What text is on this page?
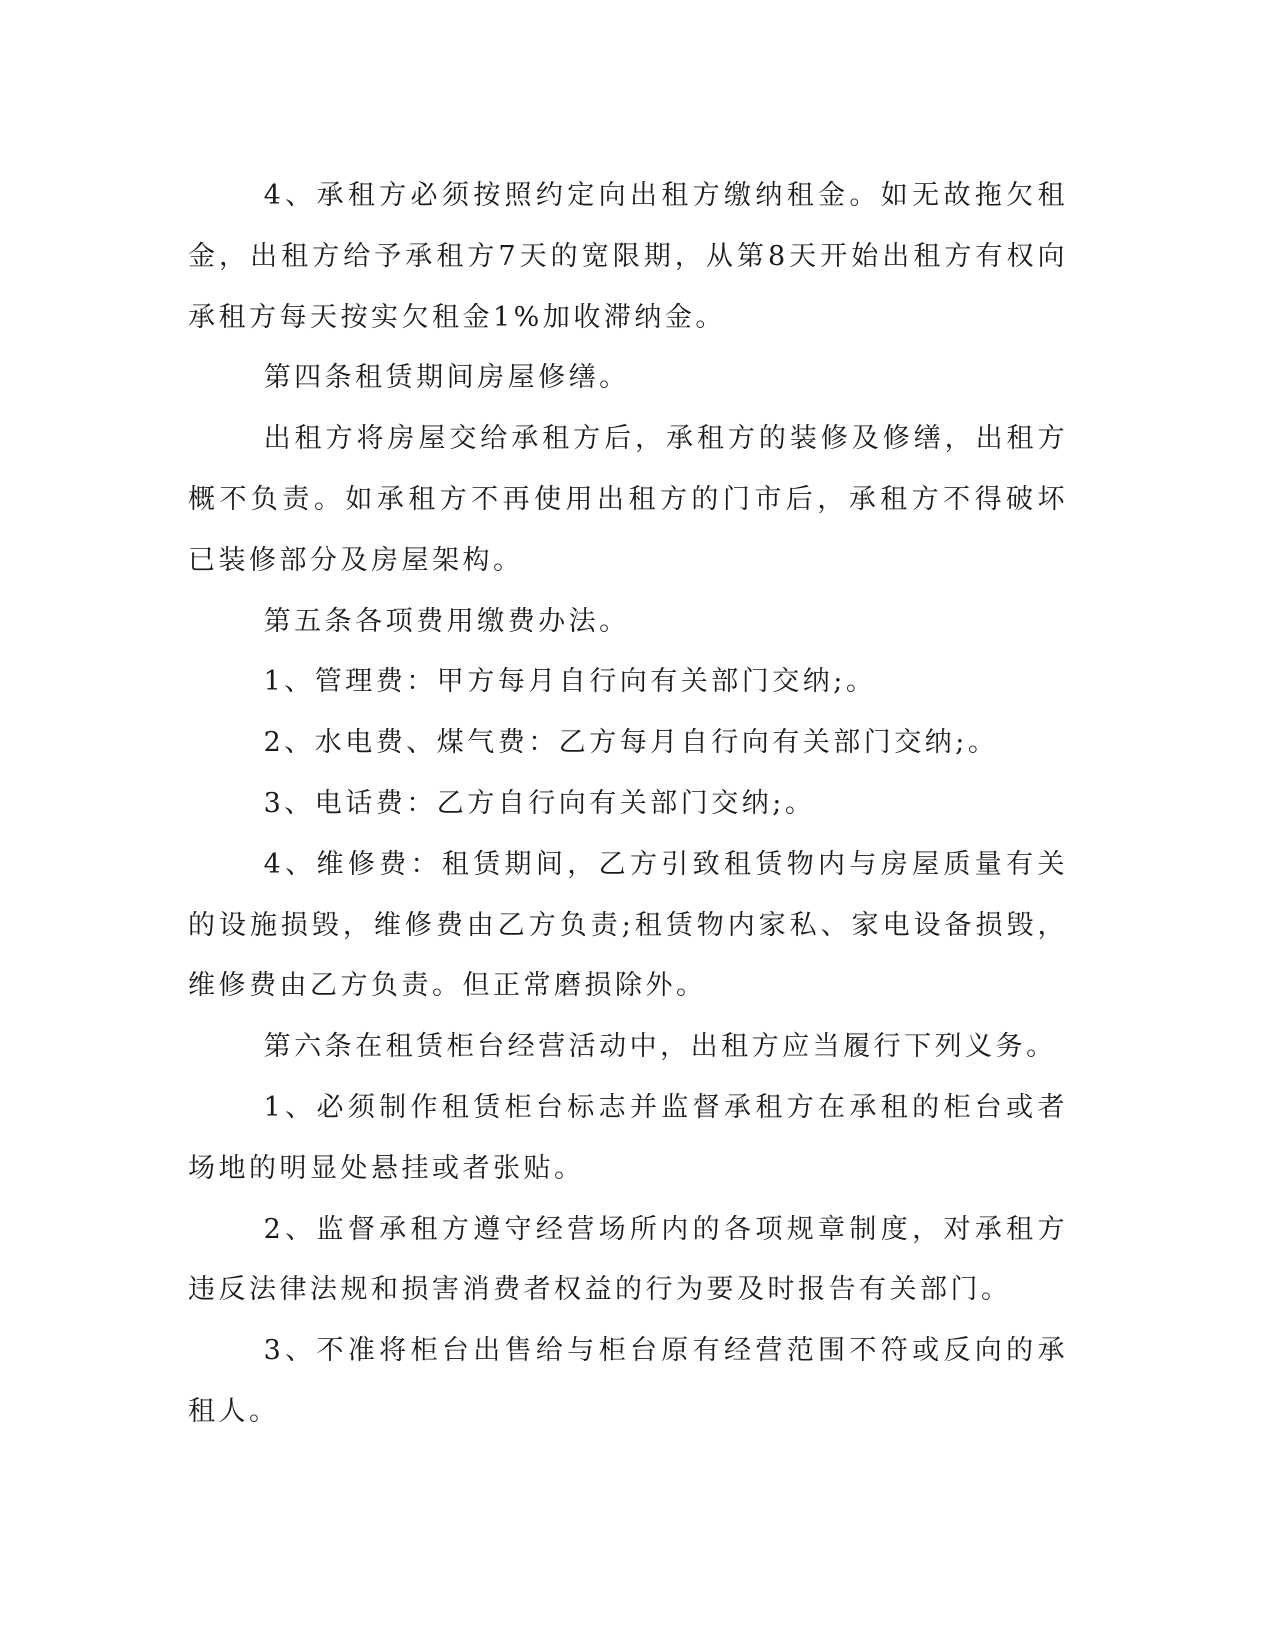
4、承租方必须按照约定向出租方缴纳租金。如无故拖欠租金，出租方给予承租方7天的宽限期，从第8天开始出租方有权向承租方每天按实欠租金1%加收滞纳金。

第四条租赁期间房屋修缮。

出租方将房屋交给承租方后，承租方的装修及修缮，出租方概不负责。如承租方不再使用出租方的门市后，承租方不得破坏已装修部分及房屋架构。

第五条各项费用缴费办法。

1、管理费：甲方每月自行向有关部门交纳;。

2、水电费、煤气费：乙方每月自行向有关部门交纳;。

3、电话费：乙方自行向有关部门交纳;。

4、维修费：租赁期间，乙方引致租赁物内与房屋质量有关的设施损毁，维修费由乙方负责;租赁物内家私、家电设备损毁，维修费由乙方负责。但正常磨损除外。

第六条在租赁柜台经营活动中，出租方应当履行下列义务。

1、必须制作租赁柜台标志并监督承租方在承租的柜台或者场地的明显处悬挂或者张贴。

2、监督承租方遵守经营场所内的各项规章制度，对承租方违反法律法规和损害消费者权益的行为要及时报告有关部门。

3、不准将柜台出售给与柜台原有经营范围不符或反向的承租人。
